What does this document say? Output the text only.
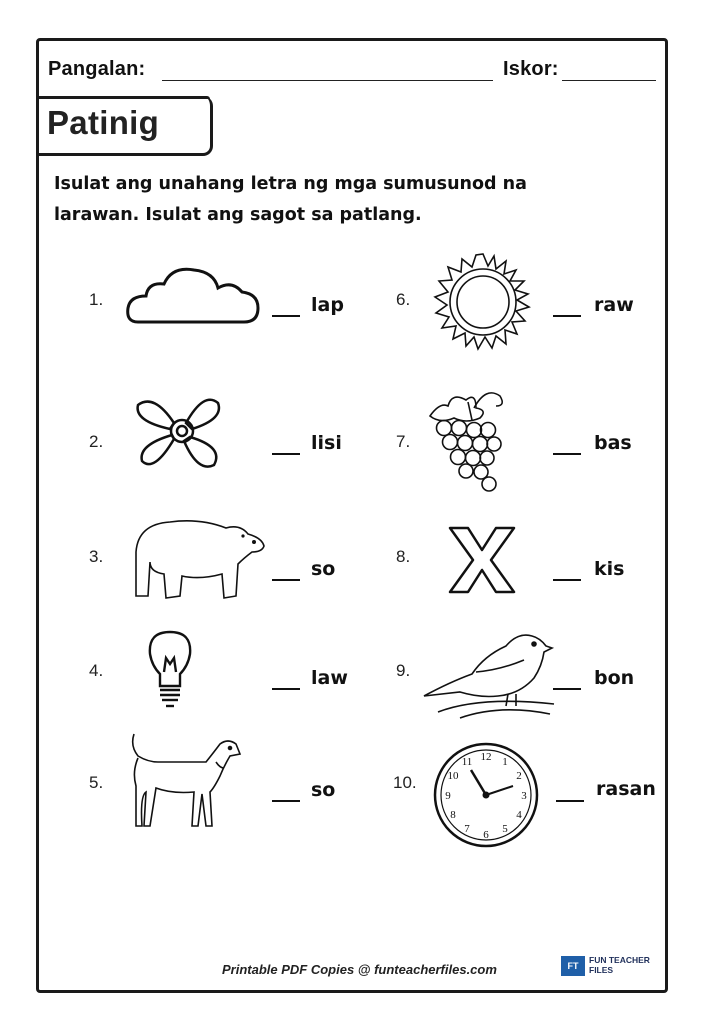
Pangalan:	Iskor:
Patinig
Isulat ang unahang letra ng mga sumusunod na
larawan. Isulat ang sagot sa patlang.
1.	lap
2.	lisi
3.
so
4.	law
5.	so
6.	raw
7.	bas
8.
kis
9.	bon
10.
12 1
2
3
4
5
6
7
8
9
10
11
rasan
Printable PDF Copies @ funteacherfiles.com	FT
FUN TEACHER
FILES
